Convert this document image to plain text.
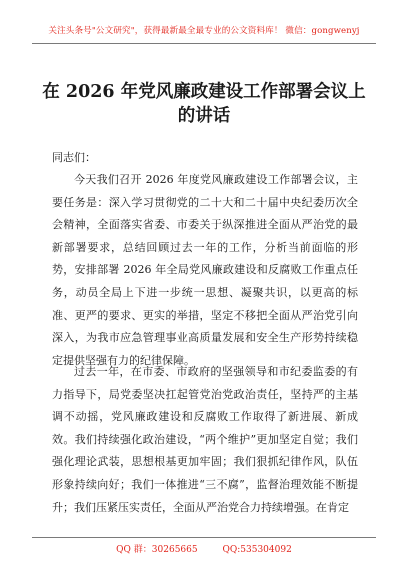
关注头条号"公文研究"，获得最新最全最专业的公文资料库！ 微信：gongwenyj
在 2026 年党风廉政建设工作部署会议上的讲话
同志们：

今天我们召开 2026 年度党风廉政建设工作部署会议，主要任务是：深入学习贯彻党的二十大和二十届中央纪委历次全会精神，全面落实省委、市委关于纵深推进全面从严治党的最新部署要求，总结回顾过去一年的工作，分析当前面临的形势，安排部署 2026 年全局党风廉政建设和反腐败工作重点任务，动员全局上下进一步统一思想、凝聚共识，以更高的标准、更严的要求、更实的举措，坚定不移把全面从严治党引向深入，为我市应急管理事业高质量发展和安全生产形势持续稳定提供坚强有力的纪律保障。

过去一年，在市委、市政府的坚强领导和市纪委监委的有力指导下，局党委坚决扛起管党治党政治责任，坚持严的主基调不动摇，党风廉政建设和反腐败工作取得了新进展、新成效。我们持续强化政治建设，“两个维护”更加坚定自觉；我们强化理论武装，思想根基更加牢固；我们狠抓纪律作风，队伍形象持续向好；我们一体推进“三不腐”，监督治理效能不断提升；我们压紧压实责任，全面从严治党合力持续增强。在肯定

QQ 群：30265665	QQ:535304092
